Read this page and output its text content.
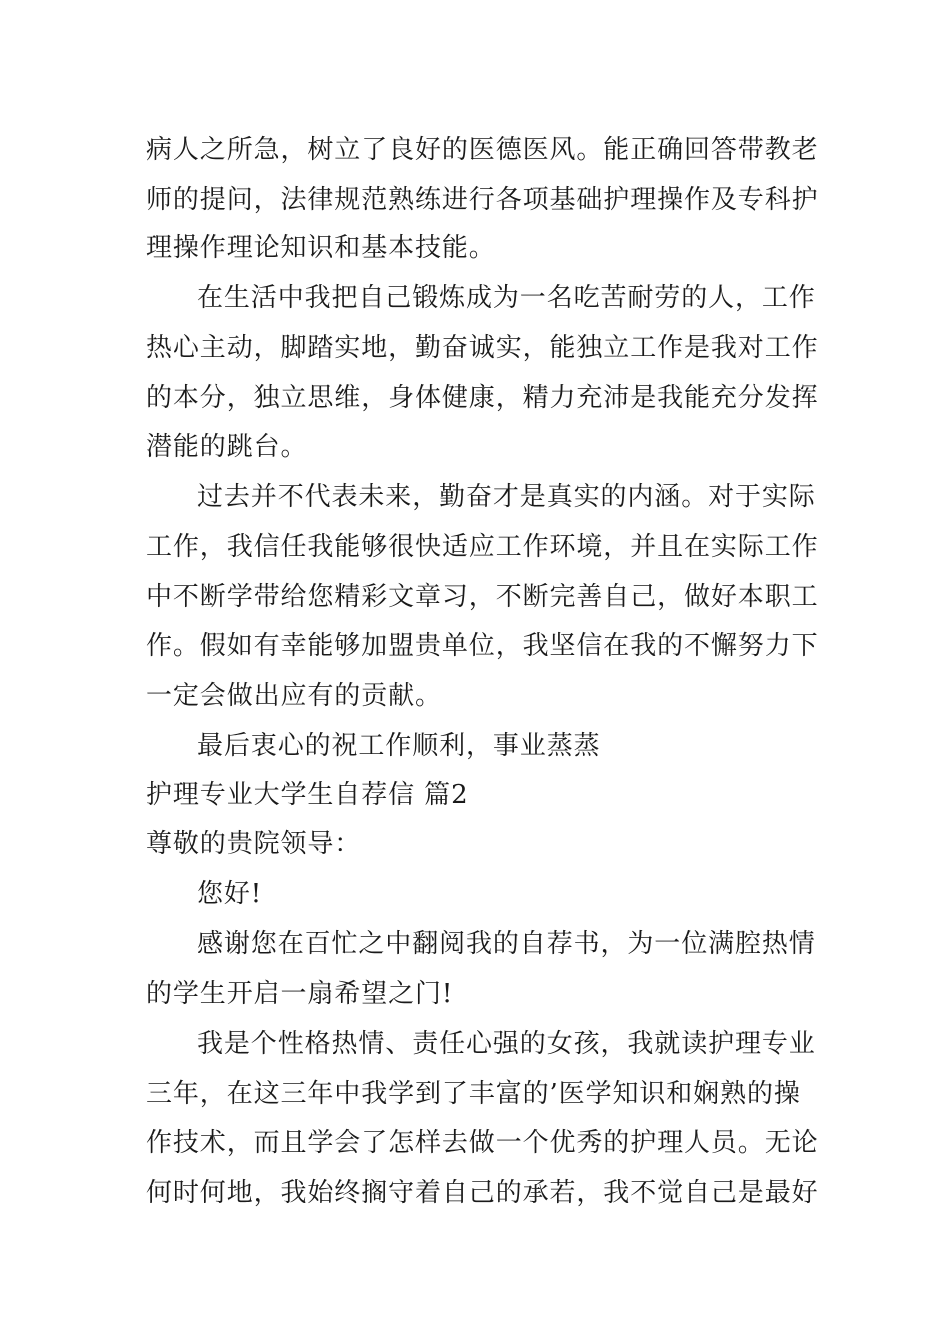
病人之所急，树立了良好的医德医风。能正确回答带教老
师的提问，法律规范熟练进行各项基础护理操作及专科护
理操作理论知识和基本技能。
在生活中我把自己锻炼成为一名吃苦耐劳的人，工作
热心主动，脚踏实地，勤奋诚实，能独立工作是我对工作
的本分，独立思维，身体健康，精力充沛是我能充分发挥
潜能的跳台。
过去并不代表未来，勤奋才是真实的内涵。对于实际
工作，我信任我能够很快适应工作环境，并且在实际工作
中不断学带给您精彩文章习，不断完善自己，做好本职工
作。假如有幸能够加盟贵单位，我坚信在我的不懈努力下
一定会做出应有的贡献。
最后衷心的祝工作顺利，事业蒸蒸
护理专业大学生自荐信 篇2
尊敬的贵院领导：
您好!
感谢您在百忙之中翻阅我的自荐书，为一位满腔热情
的学生开启一扇希望之门!
我是个性格热情、责任心强的女孩，我就读护理专业
三年，在这三年中我学到了丰富的’医学知识和娴熟的操
作技术，而且学会了怎样去做一个优秀的护理人员。无论
何时何地，我始终搁守着自己的承若，我不觉自己是最好
